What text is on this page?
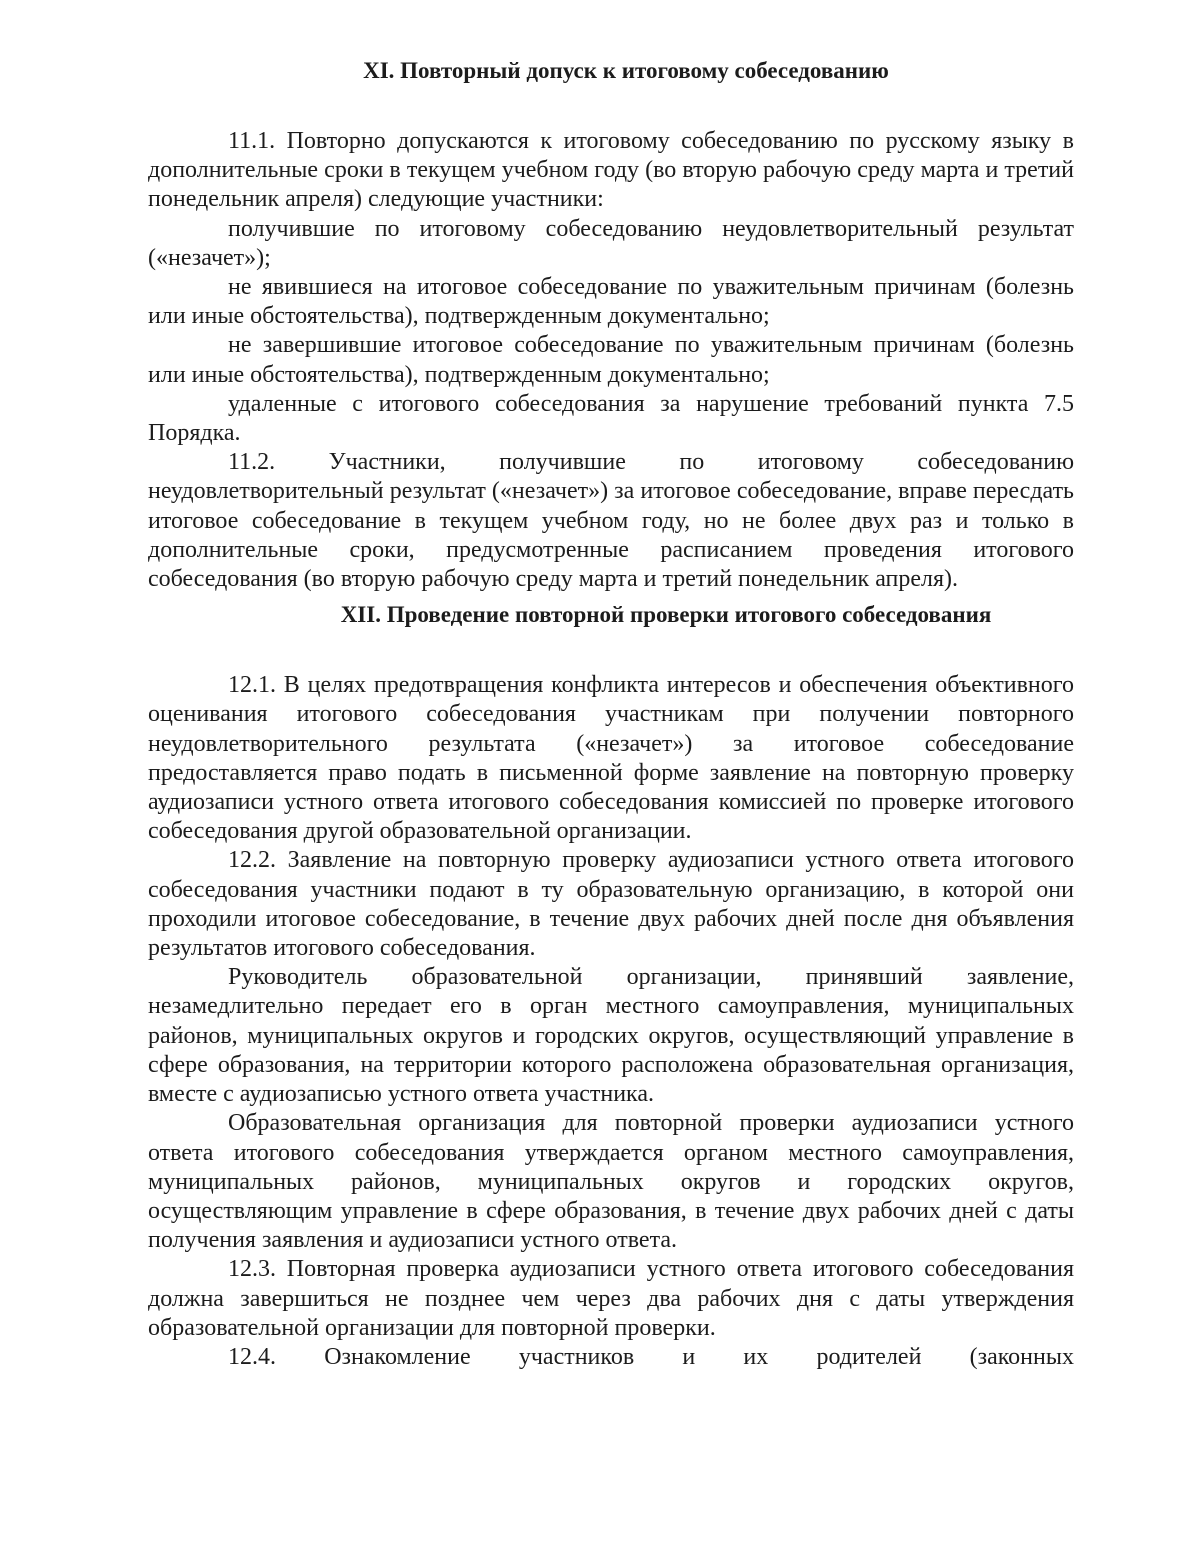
XI. Повторный допуск к итоговому собеседованию

11.1. Повторно допускаются к итоговому собеседованию по русскому языку в дополнительные сроки в текущем учебном году (во вторую рабочую среду марта и третий понедельник апреля) следующие участники:

получившие по итоговому собеседованию неудовлетворительный результат («незачет»);

не явившиеся на итоговое собеседование по уважительным причинам (болезнь или иные обстоятельства), подтвержденным документально;

не завершившие итоговое собеседование по уважительным причинам (болезнь или иные обстоятельства), подтвержденным документально;

удаленные с итогового собеседования за нарушение требований пункта 7.5 Порядка.

11.2. Участники, получившие по итоговому собеседованию неудовлетворительный результат («незачет») за итоговое собеседование, вправе пересдать итоговое собеседование в текущем учебном году, но не более двух раз и только в дополнительные сроки, предусмотренные расписанием проведения итогового собеседования (во вторую рабочую среду марта и третий понедельник апреля).

XII. Проведение повторной проверки итогового собеседования

12.1. В целях предотвращения конфликта интересов и обеспечения объективного оценивания итогового собеседования участникам при получении повторного неудовлетворительного результата («незачет») за итоговое собеседование предоставляется право подать в письменной форме заявление на повторную проверку аудиозаписи устного ответа итогового собеседования комиссией по проверке итогового собеседования другой образовательной организации.

12.2. Заявление на повторную проверку аудиозаписи устного ответа итогового собеседования участники подают в ту образовательную организацию, в которой они проходили итоговое собеседование, в течение двух рабочих дней после дня объявления результатов итогового собеседования.

Руководитель образовательной организации, принявший заявление, незамедлительно передает его в орган местного самоуправления, муниципальных районов, муниципальных округов и городских округов, осуществляющий управление в сфере образования, на территории которого расположена образовательная организация, вместе с аудиозаписью устного ответа участника.

Образовательная организация для повторной проверки аудиозаписи устного ответа итогового собеседования утверждается органом местного самоуправления, муниципальных районов, муниципальных округов и городских округов, осуществляющим управление в сфере образования, в течение двух рабочих дней с даты получения заявления и аудиозаписи устного ответа.

12.3. Повторная проверка аудиозаписи устного ответа итогового собеседования должна завершиться не позднее чем через два рабочих дня с даты утверждения образовательной организации для повторной проверки.

12.4. Ознакомление участников и их родителей (законных
